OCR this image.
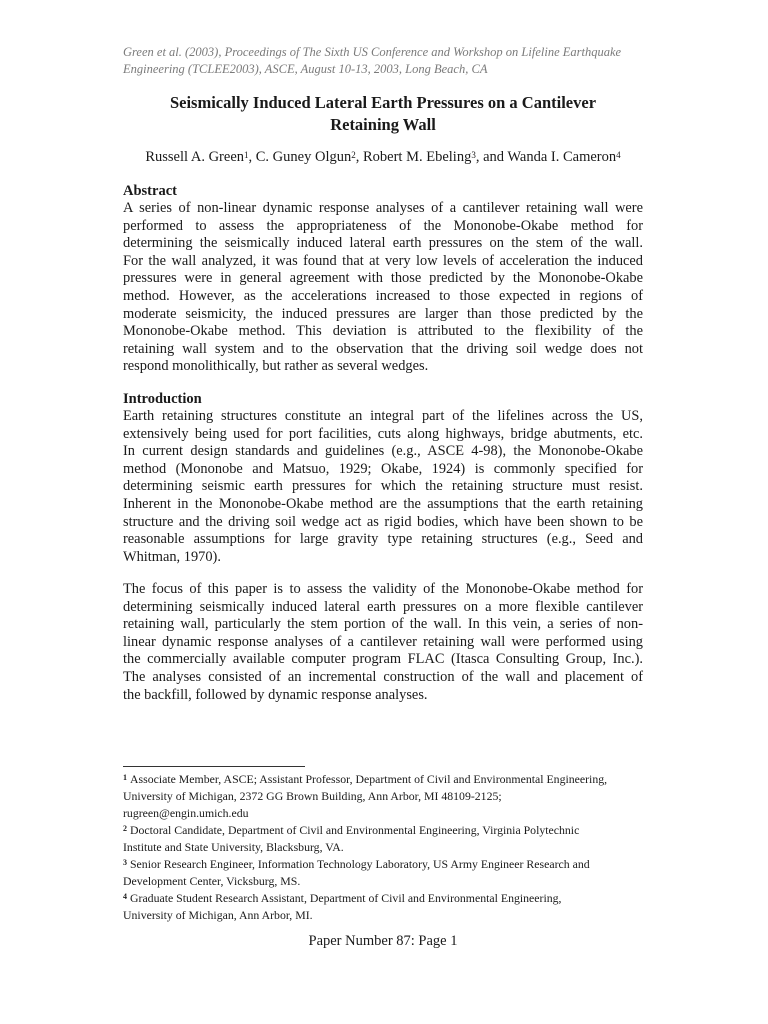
Green et al. (2003), Proceedings of The Sixth US Conference and Workshop on Lifeline Earthquake
Engineering (TCLEE2003), ASCE, August 10-13, 2003, Long Beach, CA
Seismically Induced Lateral Earth Pressures on a Cantilever
Retaining Wall
Russell A. Green$^1$, C. Guney Olgun$^2$, Robert M. Ebeling$^3$, and Wanda I. Cameron$^4$
Abstract
A series of non-linear dynamic response analyses of a cantilever retaining wall were
performed to assess the appropriateness of the Mononobe-Okabe method for
determining the seismically induced lateral earth pressures on the stem of the wall.
For the wall analyzed, it was found that at very low levels of acceleration the induced
pressures were in general agreement with those predicted by the Mononobe-Okabe
method. However, as the accelerations increased to those expected in regions of
moderate seismicity, the induced pressures are larger than those predicted by the
Mononobe-Okabe method. This deviation is attributed to the flexibility of the
retaining wall system and to the observation that the driving soil wedge does not
respond monolithically, but rather as several wedges.
Introduction
Earth retaining structures constitute an integral part of the lifelines across the US,
extensively being used for port facilities, cuts along highways, bridge abutments, etc.
In current design standards and guidelines (e.g., ASCE 4-98), the Mononobe-Okabe
method (Mononobe and Matsuo, 1929; Okabe, 1924) is commonly specified for
determining seismic earth pressures for which the retaining structure must resist.
Inherent in the Mononobe-Okabe method are the assumptions that the earth retaining
structure and the driving soil wedge act as rigid bodies, which have been shown to be
reasonable assumptions for large gravity type retaining structures (e.g., Seed and
Whitman, 1970).
The focus of this paper is to assess the validity of the Mononobe-Okabe method for
determining seismically induced lateral earth pressures on a more flexible cantilever
retaining wall, particularly the stem portion of the wall. In this vein, a series of non-
linear dynamic response analyses of a cantilever retaining wall were performed using
the commercially available computer program FLAC (Itasca Consulting Group, Inc.).
The analyses consisted of an incremental construction of the wall and placement of
the backfill, followed by dynamic response analyses.
$^1$ Associate Member, ASCE; Assistant Professor, Department of Civil and Environmental Engineering,
University of Michigan, 2372 GG Brown Building, Ann Arbor, MI 48109-2125;
rugreen@engin.umich.edu
$^2$ Doctoral Candidate, Department of Civil and Environmental Engineering, Virginia Polytechnic
Institute and State University, Blacksburg, VA.
$^3$ Senior Research Engineer, Information Technology Laboratory, US Army Engineer Research and
Development Center, Vicksburg, MS.
$^4$ Graduate Student Research Assistant, Department of Civil and Environmental Engineering,
University of Michigan, Ann Arbor, MI.
Paper Number 87: Page 1
